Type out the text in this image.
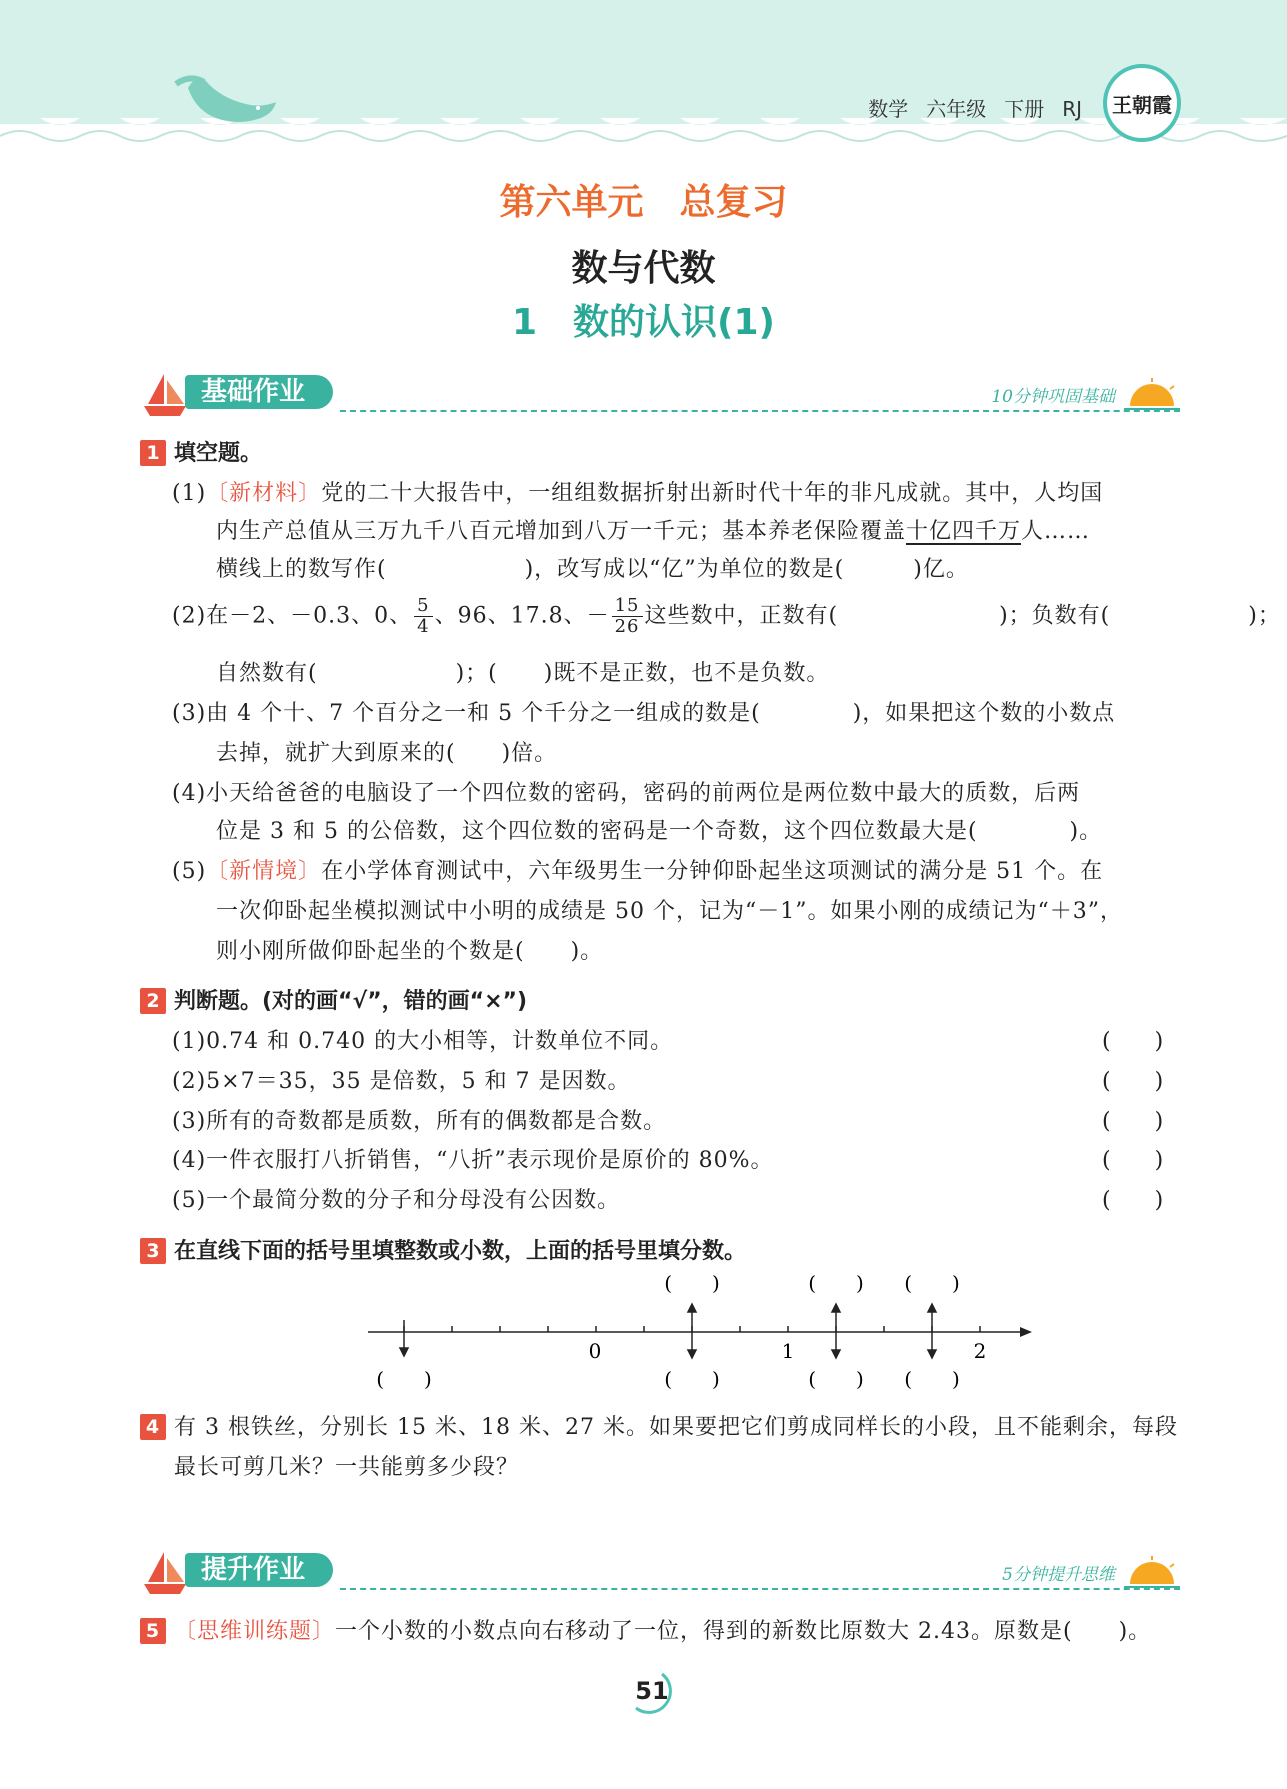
数学 六年级 下册 RJ 王朝霞
第六单元　总复习
数与代数
1　数的认识(1)
基础作业	10分钟巩固基础
1 填空题。
(1)〔新材料〕党的二十大报告中，一组组数据折射出新时代十年的非凡成就。其中，人均国
内生产总值从三万九千八百元增加到八万一千元；基本养老保险覆盖十亿四千万人……
横线上的数写作(　　　　　　)，改写成以“亿”为单位的数是(　　　)亿。
(2)在－2、－0.3、0、 $\frac{5}{4}$ 、96、17.8、－ $\frac{15}{26}$ 这些数中，正数有(　　　　　　　)；负数有(　　　　　　)；
自然数有(　　　　　　)；(　　)既不是正数，也不是负数。
(3)由 4 个十、7 个百分之一和 5 个千分之一组成的数是(　　　　)，如果把这个数的小数点
去掉，就扩大到原来的(　　)倍。
(4)小天给爸爸的电脑设了一个四位数的密码，密码的前两位是两位数中最大的质数，后两
位是 3 和 5 的公倍数，这个四位数的密码是一个奇数，这个四位数最大是(　　　　)。
(5)〔新情境〕在小学体育测试中，六年级男生一分钟仰卧起坐这项测试的满分是 51 个。在
一次仰卧起坐模拟测试中小明的成绩是 50 个，记为“－1”。如果小刚的成绩记为“＋3”，
则小刚所做仰卧起坐的个数是(　　)。
2 判断题。(对的画“√”，错的画“×”)
(1)0.74 和 0.740 的大小相等，计数单位不同。	(　　)
(2)5×7＝35，35 是倍数，5 和 7 是因数。	(　　)
(3)所有的奇数都是质数，所有的偶数都是合数。	(　　)
(4)一件衣服打八折销售，“八折”表示现价是原价的 80%。	(　　)
(5)一个最简分数的分子和分母没有公因数。	(　　)
3 在直线下面的括号里填整数或小数，上面的括号里填分数。
0	1	2
(　　)	(　　)	(　　) (　　)
(　　)	(　　) (　　)
4 有 3 根铁丝，分别长 15 米、18 米、27 米。如果要把它们剪成同样长的小段，且不能剩余，每段
最长可剪几米？一共能剪多少段？
提升作业	5分钟提升思维
5 〔思维训练题〕一个小数的小数点向右移动了一位，得到的新数比原数大 2.43。原数是(　　)。
51
